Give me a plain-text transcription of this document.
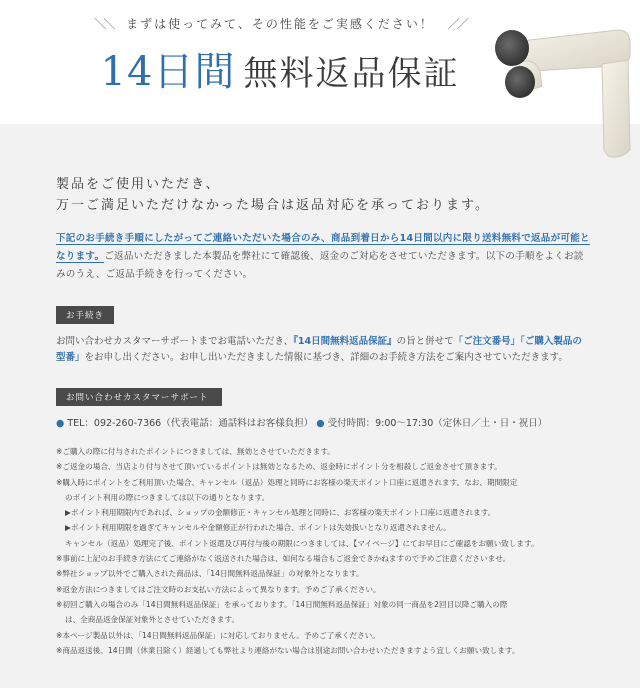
＼＼ まずは使ってみて、その性能をご実感ください！ ／／
14日間 無料返品保証
製品をご使用いただき、
万一ご満足いただけなかった場合は返品対応を承っております。
下記のお手続き手順にしたがってご連絡いただいた場合のみ、商品到着日から14日間以内に限り送料無料で返品が可能となります。ご返品いただきました本製品を弊社にて確認後、返金のご対応をさせていただきます。以下の手順をよくお読みのうえ、ご返品手続きを行ってください。
お手続き
お問い合わせカスタマーサポートまでお電話いただき、『14日間無料返品保証』の旨と併せて「ご注文番号」「ご購入製品の型番」をお申し出ください。お申し出いただきました情報に基づき、詳細のお手続き方法をご案内させていただきます。
お問い合わせカスタマーサポート
● TEL：092-260-7366（代表電話：通話料はお客様負担） ● 受付時間：9:00～17:30（定休日／土・日・祝日）
※ご購入の際に付与されたポイントにつきましては、無効とさせていただきます。
※ご返金の場合、当店より付与させて頂いているポイントは無効となるため、返金時にポイント分を相殺しご返金させて頂きます。
※購入時にポイントをご利用頂いた場合、キャンセル（返品）処理と同時にお客様の楽天ポイント口座に返還されます。なお、期間限定
のポイント利用の際につきましては以下の通りとなります。
▶ポイント利用期限内であれば、ショップの金額修正・キャンセル処理と同時に、お客様の楽天ポイント口座に返還されます。
▶ポイント利用期限を過ぎてキャンセルや金額修正が行われた場合、ポイントは失効扱いとなり返還されません。
キャンセル（返品）処理完了後、ポイント返還及び再付与後の期限につきましては、【マイページ】にてお早目にご確認をお願い致します。
※事前に上記のお手続き方法にてご連絡がなく返送された場合は、如何なる場合もご返金できかねますので予めご注意くださいませ。
※弊社ショップ以外でご購入された商品は、「14日間無料返品保証」の対象外となります。
※返金方法につきましてはご注文時のお支払い方法によって異なります。予めご了承ください。
※初回ご購入の場合のみ「14日間無料返品保証」を承っております。「14日間無料返品保証」対象の同一商品を2回目以降ご購入の際
は、全商品返金保証対象外とさせていただきます。
※本ページ製品以外は、「14日間無料返品保証」に対応しておりません。予めご了承ください。
※商品返送後、14日間（休業日除く）経過しても弊社より連絡がない場合は別途お問い合わせいただきますよう宜しくお願い致します。
